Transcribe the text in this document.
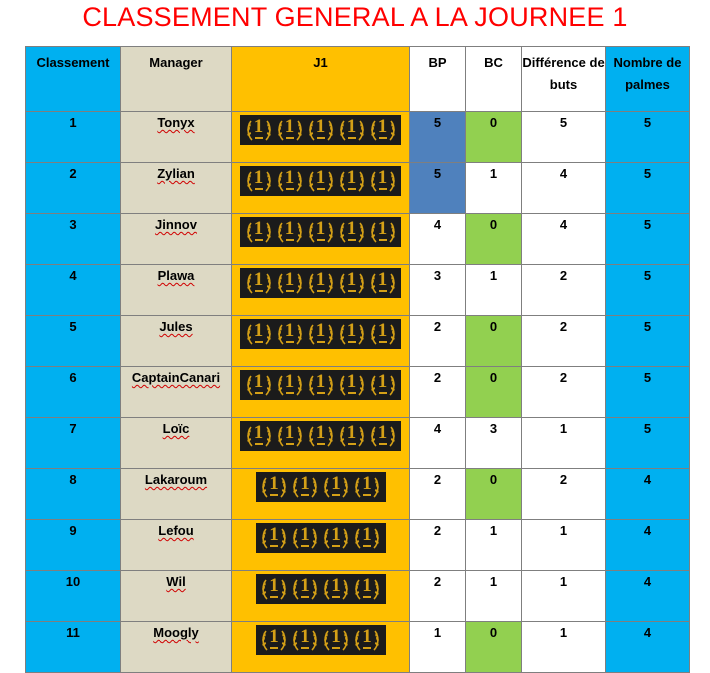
CLASSEMENT GENERAL A LA JOURNEE 1
Classement	Manager	J1	BP	BC	Différence de buts	Nombre de palmes

1	Tonyx	1 1 1 1 1	5	0	5	5

2	Zylian	1 1 1 1 1	5	1	4	5

3	Jinnov	1 1 1 1 1	4	0	4	5

4	Plawa	1 1 1 1 1	3	1	2	5

5	Jules	1 1 1 1 1	2	0	2	5

6	CaptainCanari	1 1 1 1 1	2	0	2	5

7	Loïc	1 1 1 1 1	4	3	1	5

8	Lakaroum	1 1 1 1	2	0	2	4

9	Lefou	1 1 1 1	2	1	1	4

10	Wil	1 1 1 1	2	1	1	4

11	Moogly	1 1 1 1	1	0	1	4
